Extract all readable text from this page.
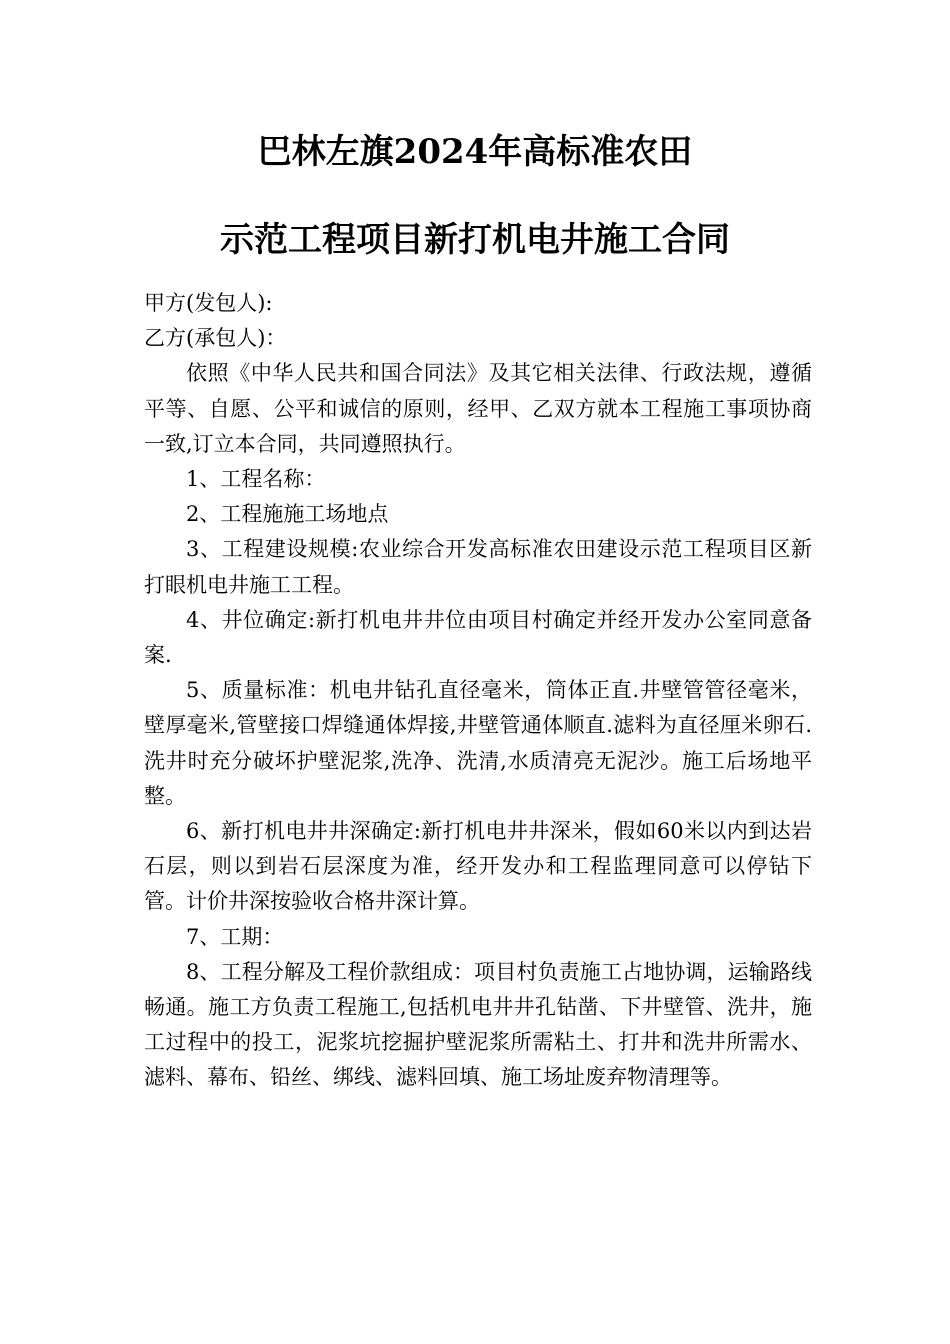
巴林左旗2024年高标准农田
示范工程项目新打机电井施工合同

甲方(发包人):

乙方(承包人)：

依照《中华人民共和国合同法》及其它相关法律、行政法规，遵循平等、自愿、公平和诚信的原则，经甲、乙双方就本工程施工事项协商一致,订立本合同，共同遵照执行。

1、工程名称：

2、工程施施工场地点

3、工程建设规模:农业综合开发高标准农田建设示范工程项目区新打眼机电井施工工程。

4、井位确定:新打机电井井位由项目村确定并经开发办公室同意备案.

5、质量标准：机电井钻孔直径毫米，筒体正直.井壁管管径毫米，壁厚毫米,管壁接口焊缝通体焊接,井壁管通体顺直.滤料为直径厘米卵石.洗井时充分破坏护壁泥浆,洗净、洗清,水质清亮无泥沙。施工后场地平整。

6、新打机电井井深确定:新打机电井井深米，假如60米以内到达岩石层，则以到岩石层深度为准，经开发办和工程监理同意可以停钻下管。计价井深按验收合格井深计算。

7、工期：

8、工程分解及工程价款组成：项目村负责施工占地协调，运输路线畅通。施工方负责工程施工,包括机电井井孔钻凿、下井壁管、洗井，施工过程中的投工，泥浆坑挖掘护壁泥浆所需粘土、打井和洗井所需水、滤料、幕布、铅丝、绑线、滤料回填、施工场址废弃物清理等。
